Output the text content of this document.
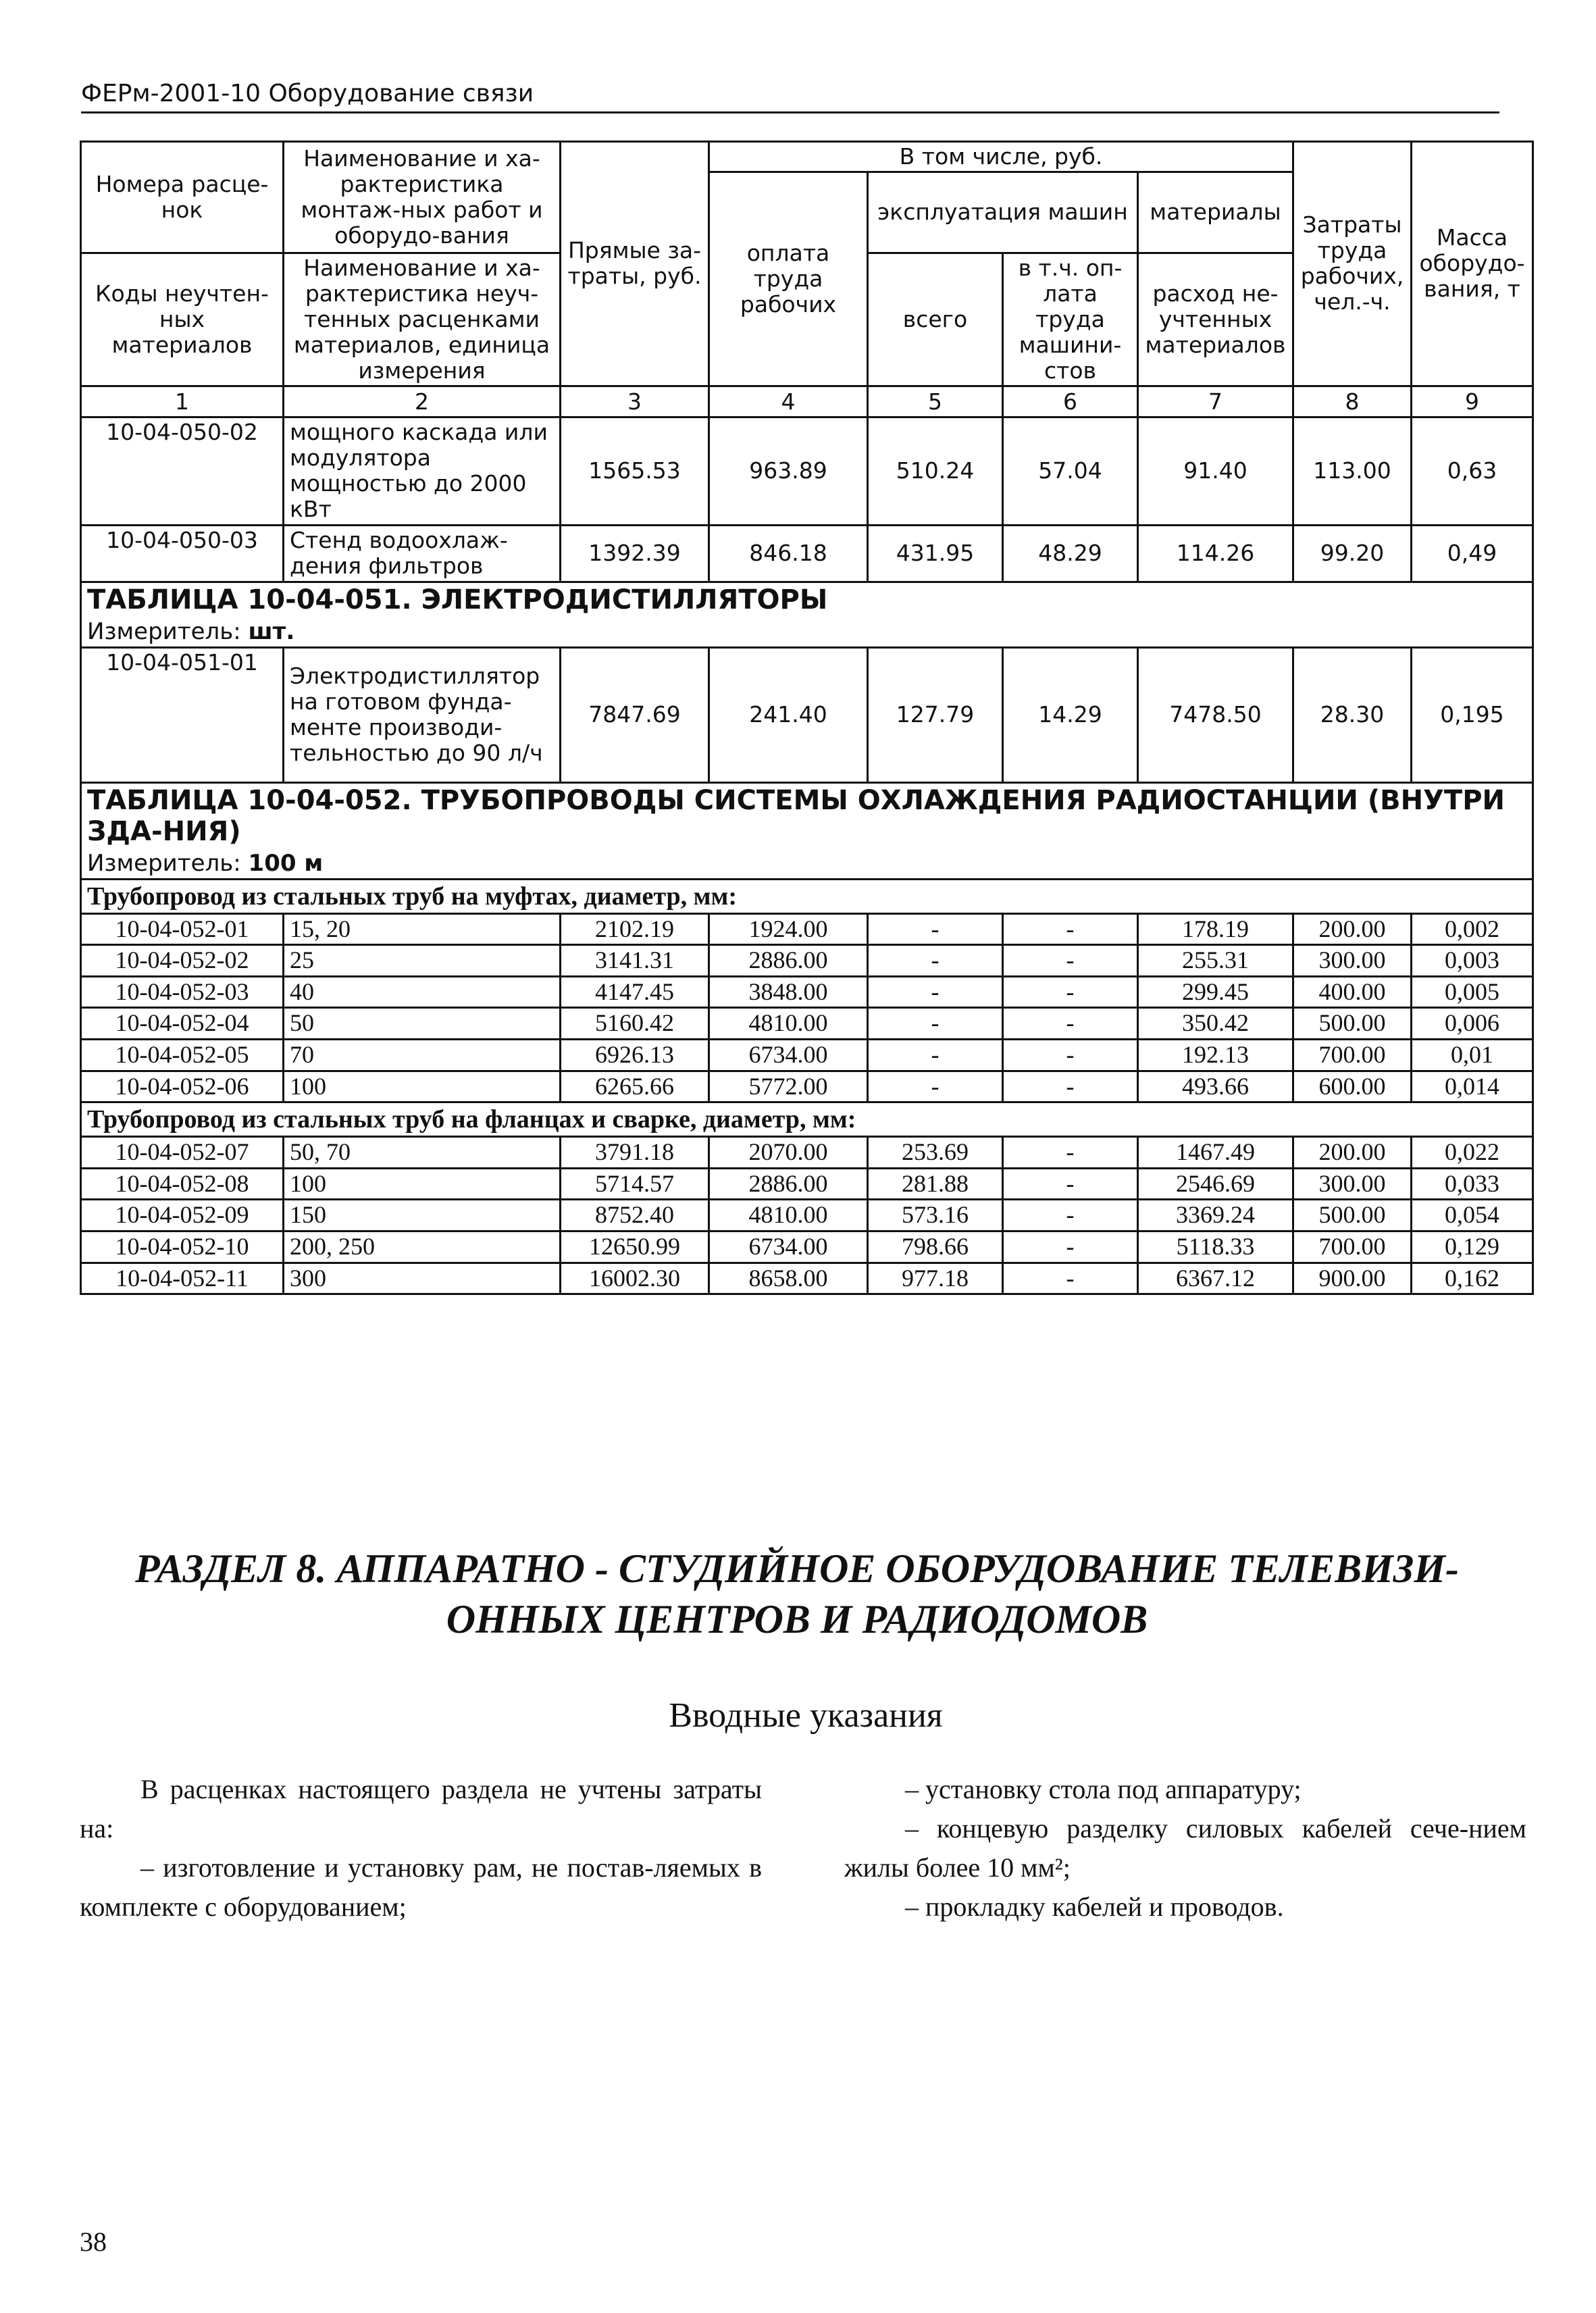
ФЕРм-2001-10 Оборудование связи
Номера расце-нок	Наименование и ха-рактеристика монтаж-ных работ и оборудо-вания	Прямые за-траты, руб.	В том числе, руб.				Затраты труда рабочих, чел.-ч.	Масса оборудо-вания, т
			оплата труда рабочих	эксплуатация машин		материалы		
Коды неучтен-ных материалов	Наименование и ха-рактеристика неуч-тенных расценками материалов, единица измерения			всего	в т.ч. оп-лата труда машини-стов	расход не-учтенных материалов		

1	2	3	4	5	6	7	8	9
10-04-050-02	мощного каскада или модулятора мощностью до 2000 кВт	1565.53	963.89	510.24	57.04	91.40	113.00	0,63
10-04-050-03	Стенд водоохлаж-дения фильтров	1392.39	846.18	431.95	48.29	114.26	99.20	0,49
ТАБЛИЦА 10-04-051. ЭЛЕКТРОДИСТИЛЛЯТОРЫ								
Измеритель: шт.								
10-04-051-01	Электродистиллятор на готовом фунда-менте производи-тельностью до 90 л/ч	7847.69	241.40	127.79	14.29	7478.50	28.30	0,195
ТАБЛИЦА 10-04-052. ТРУБОПРОВОДЫ СИСТЕМЫ ОХЛАЖДЕНИЯ РАДИОСТАНЦИИ (ВНУТРИ ЗДА-НИЯ)								
Измеритель: 100 м								
Трубопровод из стальных труб на муфтах, диаметр, мм:								
10-04-052-01	15, 20	2102.19	1924.00	-	-	178.19	200.00	0,002
10-04-052-02	25	3141.31	2886.00	-	-	255.31	300.00	0,003
10-04-052-03	40	4147.45	3848.00	-	-	299.45	400.00	0,005
10-04-052-04	50	5160.42	4810.00	-	-	350.42	500.00	0,006
10-04-052-05	70	6926.13	6734.00	-	-	192.13	700.00	0,01
10-04-052-06	100	6265.66	5772.00	-	-	493.66	600.00	0,014
Трубопровод из стальных труб на фланцах и сварке, диаметр, мм:								
10-04-052-07	50, 70	3791.18	2070.00	253.69	-	1467.49	200.00	0,022
10-04-052-08	100	5714.57	2886.00	281.88	-	2546.69	300.00	0,033
10-04-052-09	150	8752.40	4810.00	573.16	-	3369.24	500.00	0,054
10-04-052-10	200, 250	12650.99	6734.00	798.66	-	5118.33	700.00	0,129
10-04-052-11	300	16002.30	8658.00	977.18	-	6367.12	900.00	0,162
РАЗДЕЛ 8. АППАРАТНО - СТУДИЙНОЕ ОБОРУДОВАНИЕ ТЕЛЕВИЗИ-ОННЫХ ЦЕНТРОВ И РАДИОДОМОВ
Вводные указания

В расценках настоящего раздела не учтены затраты на:

– изготовление и установку рам, не постав-ляемых в комплекте с оборудованием;

– установку стола под аппаратуру;

– концевую разделку силовых кабелей сече-нием жилы более 10 мм²;

– прокладку кабелей и проводов.

38
